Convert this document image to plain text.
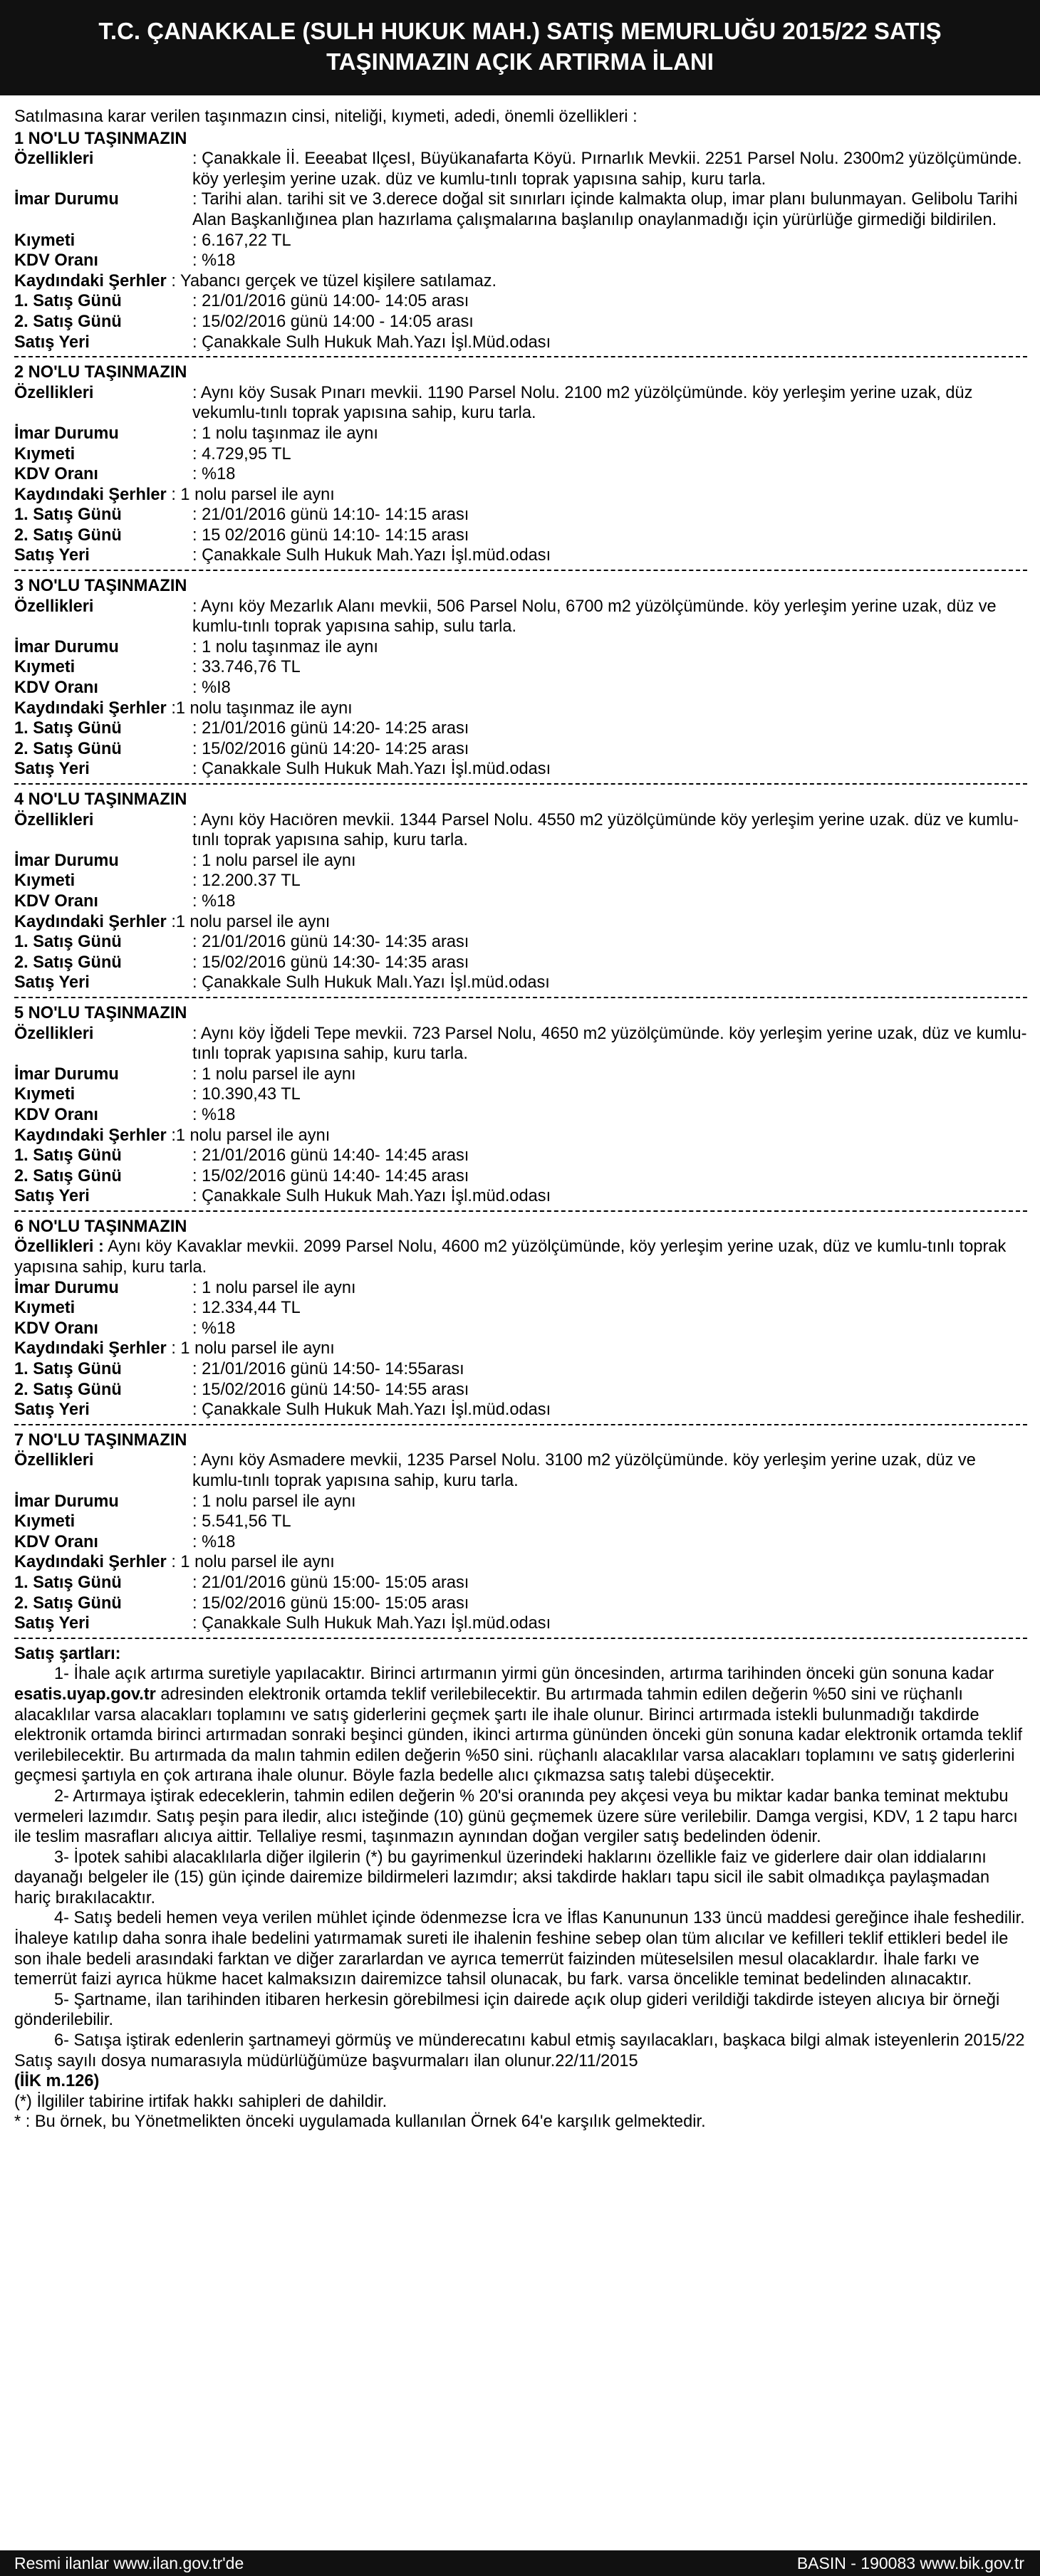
T.C. ÇANAKKALE (SULH HUKUK MAH.) SATIŞ MEMURLUĞU 2015/22 SATIŞ
TAŞINMAZIN AÇIK ARTIRMA İLANI
Satılmasına karar verilen taşınmazın cinsi, niteliği, kıymeti, adedi, önemli özellikleri :
1 NO'LU TAŞINMAZIN
Özellikleri	: Çanakkale İİ. Eeeabat IlçesI, Büyükanafarta Köyü. Pırnarlık Mevkii. 2251 Parsel Nolu. 2300m2 yüzölçümünde. köy yerleşim yerine uzak. düz ve kumlu-tınlı toprak yapısına sahip, kuru tarla.
İmar Durumu	: Tarihi alan. tarihi sit ve 3.derece doğal sit sınırları içinde kalmakta olup, imar planı bulunmayan. Gelibolu Tarihi Alan Başkanlığınea plan hazırlama çalışmalarına başlanılıp onaylanmadığı için yürürlüğe girmediği bildirilen.
Kıymeti	: 6.167,22 TL
KDV Oranı	: %18
Kaydındaki Şerhler : Yabancı gerçek ve tüzel kişilere satılamaz.
1. Satış Günü	: 21/01/2016 günü 14:00- 14:05 arası
2. Satış Günü	: 15/02/2016 günü 14:00 - 14:05 arası
Satış Yeri	: Çanakkale Sulh Hukuk Mah.Yazı İşl.Müd.odası
2 NO'LU TAŞINMAZIN
Özellikleri	: Aynı köy Susak Pınarı mevkii. 1190 Parsel Nolu. 2100 m2 yüzölçümünde. köy yerleşim yerine uzak, düz vekumlu-tınlı toprak yapısına sahip, kuru tarla.
İmar Durumu	: 1 nolu taşınmaz ile aynı
Kıymeti	: 4.729,95 TL
KDV Oranı	: %18
Kaydındaki Şerhler : 1 nolu parsel ile aynı
1. Satış Günü	: 21/01/2016 günü 14:10- 14:15 arası
2. Satış Günü	: 15 02/2016 günü 14:10- 14:15 arası
Satış Yeri	: Çanakkale Sulh Hukuk Mah.Yazı İşl.müd.odası
3 NO'LU TAŞINMAZIN
Özellikleri	: Aynı köy Mezarlık Alanı mevkii, 506 Parsel Nolu, 6700 m2 yüzölçümünde. köy yerleşim yerine uzak, düz ve kumlu-tınlı toprak yapısına sahip, sulu tarla.
İmar Durumu	: 1 nolu taşınmaz ile aynı
Kıymeti	: 33.746,76 TL
KDV Oranı	: %I8
Kaydındaki Şerhler :1 nolu taşınmaz ile aynı
1. Satış Günü	: 21/01/2016 günü 14:20- 14:25 arası
2. Satış Günü	: 15/02/2016 günü 14:20- 14:25 arası
Satış Yeri	: Çanakkale Sulh Hukuk Mah.Yazı İşl.müd.odası
4 NO'LU TAŞINMAZIN
Özellikleri	: Aynı köy Hacıören mevkii. 1344 Parsel Nolu. 4550 m2 yüzölçümünde köy yerleşim yerine uzak. düz ve kumlu-tınlı toprak yapısına sahip, kuru tarla.
İmar Durumu	: 1 nolu parsel ile aynı
Kıymeti	: 12.200.37 TL
KDV Oranı	: %18
Kaydındaki Şerhler :1 nolu parsel ile aynı
1. Satış Günü	: 21/01/2016 günü 14:30- 14:35 arası
2. Satış Günü	: 15/02/2016 günü 14:30- 14:35 arası
Satış Yeri	: Çanakkale Sulh Hukuk Malı.Yazı İşl.müd.odası
5 NO'LU TAŞINMAZIN
Özellikleri	: Aynı köy İğdeli Tepe mevkii. 723 Parsel Nolu, 4650 m2 yüzölçümünde. köy yerleşim yerine uzak, düz ve kumlu-tınlı toprak yapısına sahip, kuru tarla.
İmar Durumu	: 1 nolu parsel ile aynı
Kıymeti	: 10.390,43 TL
KDV Oranı	: %18
Kaydındaki Şerhler :1 nolu parsel ile aynı
1. Satış Günü	: 21/01/2016 günü 14:40- 14:45 arası
2. Satış Günü	: 15/02/2016 günü 14:40- 14:45 arası
Satış Yeri	: Çanakkale Sulh Hukuk Mah.Yazı İşl.müd.odası
6 NO'LU TAŞINMAZIN
Özellikleri : Aynı köy Kavaklar mevkii. 2099 Parsel Nolu, 4600 m2 yüzölçümünde, köy yerleşim yerine uzak, düz ve kumlu-tınlı toprak yapısına sahip, kuru tarla.
İmar Durumu	: 1 nolu parsel ile aynı
Kıymeti	: 12.334,44 TL
KDV Oranı	: %18
Kaydındaki Şerhler : 1 nolu parsel ile aynı
1. Satış Günü	: 21/01/2016 günü 14:50- 14:55arası
2. Satış Günü	: 15/02/2016 günü 14:50- 14:55 arası
Satış Yeri	: Çanakkale Sulh Hukuk Mah.Yazı İşl.müd.odası
7 NO'LU TAŞINMAZIN
Özellikleri	: Aynı köy Asmadere mevkii, 1235 Parsel Nolu. 3100 m2 yüzölçümünde. köy yerleşim yerine uzak, düz ve kumlu-tınlı toprak yapısına sahip, kuru tarla.
İmar Durumu	: 1 nolu parsel ile aynı
Kıymeti	: 5.541,56 TL
KDV Oranı	: %18
Kaydındaki Şerhler : 1 nolu parsel ile aynı
1. Satış Günü	: 21/01/2016 günü 15:00- 15:05 arası
2. Satış Günü	: 15/02/2016 günü 15:00- 15:05 arası
Satış Yeri	: Çanakkale Sulh Hukuk Mah.Yazı İşl.müd.odası
Satış şartları:
1- İhale açık artırma suretiyle yapılacaktır. Birinci artırmanın yirmi gün öncesinden, artırma tarihinden önceki gün sonuna kadar esatis.uyap.gov.tr adresinden elektronik ortamda teklif verilebilecektir. Bu artırmada tahmin edilen değerin %50 sini ve rüçhanlı alacaklılar varsa alacakları toplamını ve satış giderlerini geçmek şartı ile ihale olunur. Birinci artırmada istekli bulunmadığı takdirde elektronik ortamda birinci artırmadan sonraki beşinci günden, ikinci artırma gününden önceki gün sonuna kadar elektronik ortamda teklif verilebilecektir. Bu artırmada da malın tahmin edilen değerin %50 sini. rüçhanlı alacaklılar varsa alacakları toplamını ve satış giderlerini geçmesi şartıyla en çok artırana ihale olunur. Böyle fazla bedelle alıcı çıkmazsa satış talebi düşecektir.
2- Artırmaya iştirak edeceklerin, tahmin edilen değerin % 20'si oranında pey akçesi veya bu miktar kadar banka teminat mektubu vermeleri lazımdır. Satış peşin para iledir, alıcı isteğinde (10) günü geçmemek üzere süre verilebilir. Damga vergisi, KDV, 1 2 tapu harcı ile teslim masrafları alıcıya aittir. Tellaliye resmi, taşınmazın aynından doğan vergiler satış bedelinden ödenir.
3- İpotek sahibi alacaklılarla diğer ilgilerin (*) bu gayrimenkul üzerindeki haklarını özellikle faiz ve giderlere dair olan iddialarını dayanağı belgeler ile (15) gün içinde dairemize bildirmeleri lazımdır; aksi takdirde hakları tapu sicil ile sabit olmadıkça paylaşmadan hariç bırakılacaktır.
4- Satış bedeli hemen veya verilen mühlet içinde ödenmezse İcra ve İflas Kanununun 133 üncü maddesi gereğince ihale feshedilir. İhaleye katılıp daha sonra ihale bedelini yatırmamak sureti ile ihalenin feshine sebep olan tüm alıcılar ve kefilleri teklif ettikleri bedel ile son ihale bedeli arasındaki farktan ve diğer zararlardan ve ayrıca temerrüt faizinden müteselsilen mesul olacaklardır. İhale farkı ve temerrüt faizi ayrıca hükme hacet kalmaksızın dairemizce tahsil olunacak, bu fark. varsa öncelikle teminat bedelinden alınacaktır.
5- Şartname, ilan tarihinden itibaren herkesin görebilmesi için dairede açık olup gideri verildiği takdirde isteyen alıcıya bir örneği gönderilebilir.
6- Satışa iştirak edenlerin şartnameyi görmüş ve münderecatını kabul etmiş sayılacakları, başkaca bilgi almak isteyenlerin 2015/22 Satış sayılı dosya numarasıyla müdürlüğümüze başvurmaları ilan olunur.22/11/2015
(İİK m.126)
(*) İlgililer tabirine irtifak hakkı sahipleri de dahildir.
* : Bu örnek, bu Yönetmelikten önceki uygulamada kullanılan Örnek 64'e karşılık gelmektedir.
Resmi ilanlar www.ilan.gov.tr'de	BASIN - 190083 www.bik.gov.tr
